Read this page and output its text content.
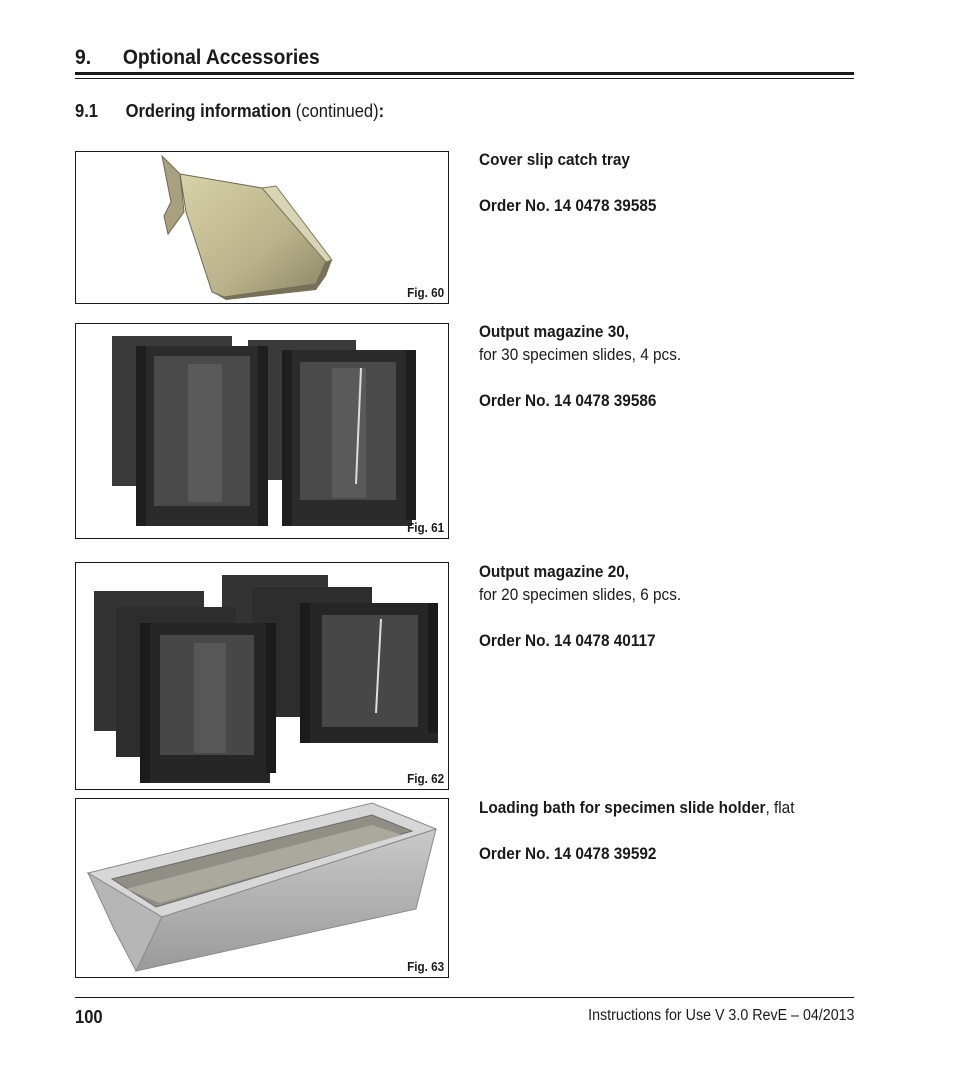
9. Optional Accessories
9.1 Ordering information (continued):
Fig. 60
Fig. 61
Fig. 62
Fig. 63

Cover slip catch tray

Order No. 14 0478 39585

Output magazine 30,

for 30 specimen slides, 4 pcs.

Order No. 14 0478 39586

Output magazine 20,

for 20 specimen slides, 6 pcs.

Order No. 14 0478 40117

Loading bath for specimen slide holder, flat

Order No. 14 0478 39592

100	Instructions for Use V 3.0 RevE – 04/2013
